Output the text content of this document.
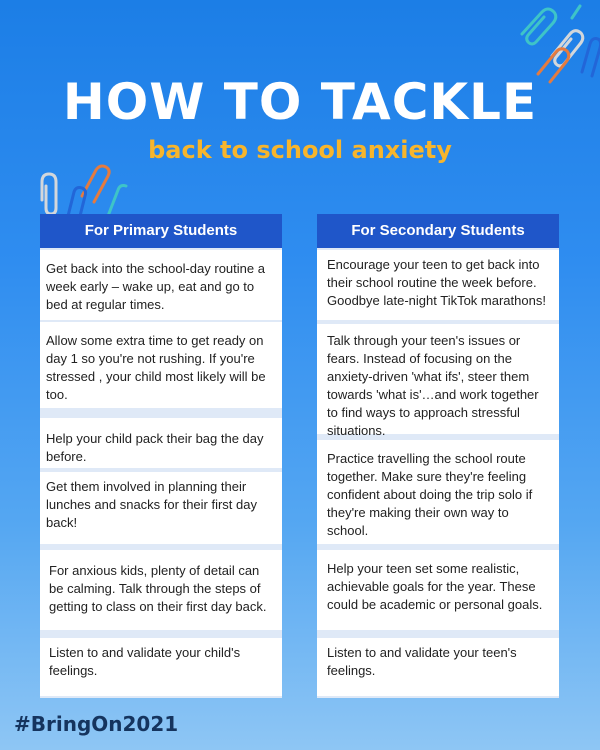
HOW TO TACKLE
back to school anxiety
For Primary Students
Get back into the school-day routine a week early – wake up, eat and go to bed at regular times.
Allow some extra time to get ready on day 1 so you're not rushing. If you're stressed , your child most likely will be too.
Help your child pack their bag the day before.
Get them involved in planning their lunches and snacks for their first day back!
For anxious kids, plenty of detail can be calming. Talk through the steps of getting to class on their first day back.
Listen to and validate your child's feelings.
For Secondary Students
Encourage your teen to get back into their school routine the week before. Goodbye late-night TikTok marathons!
Talk through your teen's issues or fears. Instead of focusing on the anxiety-driven 'what ifs', steer them towards 'what is'…and work together to find ways to approach stressful situations.
Practice travelling the school route together. Make sure they're feeling confident about doing the trip solo if they're making their own way to school.
Help your teen set some realistic, achievable goals for the year. These could be academic or personal goals.
Listen to and validate your teen's feelings.
#BringOn2021
